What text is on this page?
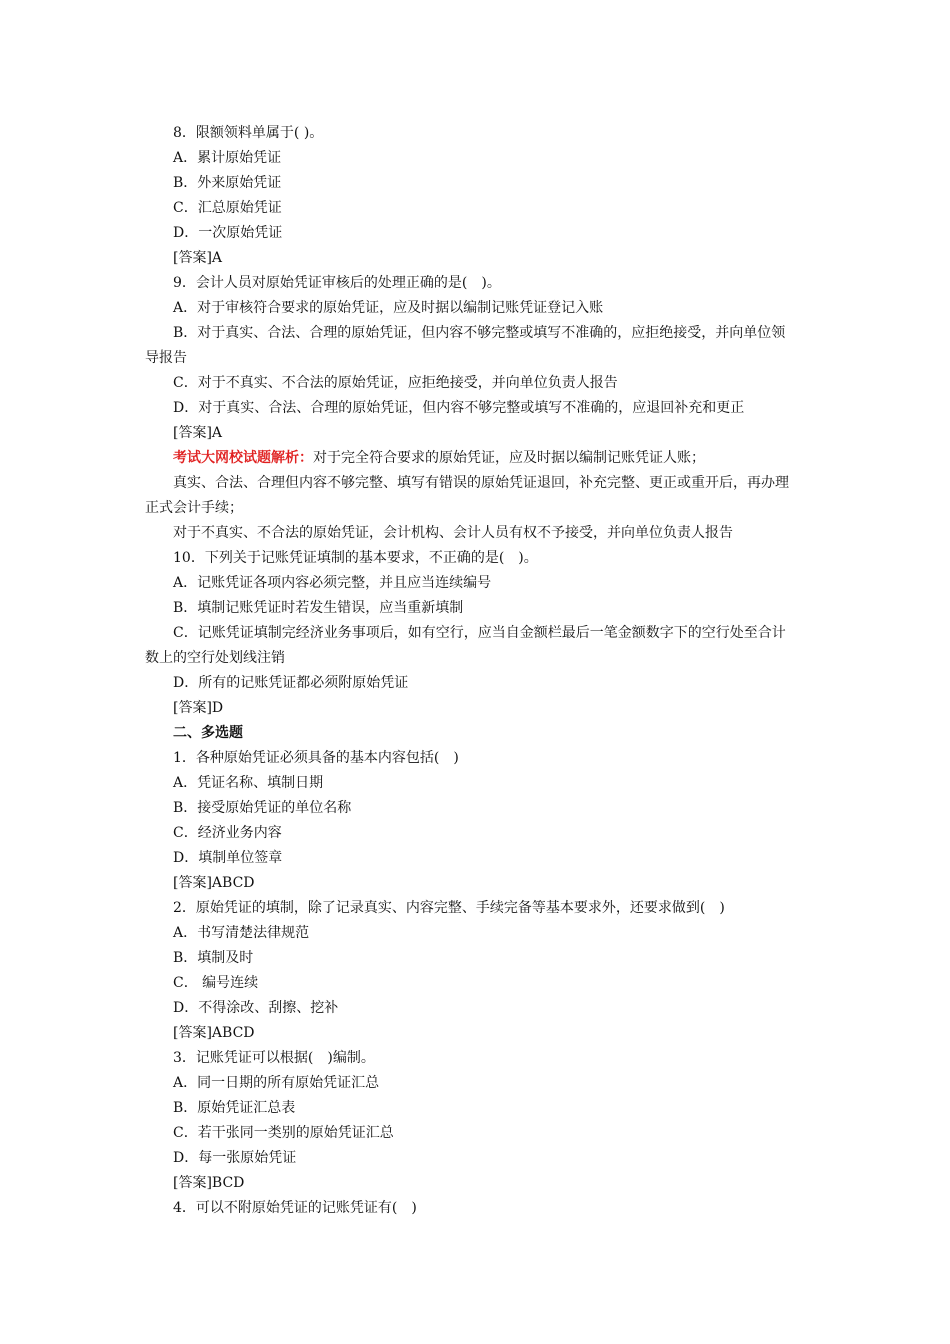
8．限额领料单属于( )。
A．累计原始凭证
B．外来原始凭证
C．汇总原始凭证
D．一次原始凭证
[答案]A
9．会计人员对原始凭证审核后的处理正确的是(　)。
A．对于审核符合要求的原始凭证，应及时据以编制记账凭证登记入账
B．对于真实、合法、合理的原始凭证，但内容不够完整或填写不准确的，应拒绝接受，并向单位领
导报告
C．对于不真实、不合法的原始凭证，应拒绝接受，并向单位负责人报告
D．对于真实、合法、合理的原始凭证，但内容不够完整或填写不准确的，应退回补充和更正
[答案]A
考试大网校试题解析：对于完全符合要求的原始凭证，应及时据以编制记账凭证人账；
真实、合法、合理但内容不够完整、填写有错误的原始凭证退回，补充完整、更正或重开后，再办理
正式会计手续；
对于不真实、不合法的原始凭证，会计机构、会计人员有权不予接受，并向单位负责人报告
10．下列关于记账凭证填制的基本要求，不正确的是(　)。
A．记账凭证各项内容必须完整，并且应当连续编号
B．填制记账凭证时若发生错误，应当重新填制
C．记账凭证填制完经济业务事项后，如有空行，应当自金额栏最后一笔金额数字下的空行处至合计
数上的空行处划线注销
D．所有的记账凭证都必须附原始凭证
[答案]D
二、多选题
1．各种原始凭证必须具备的基本内容包括(　)
A．凭证名称、填制日期
B．接受原始凭证的单位名称
C．经济业务内容
D．填制单位签章
[答案]ABCD
2．原始凭证的填制，除了记录真实、内容完整、手续完备等基本要求外，还要求做到(　)
A．书写清楚法律规范
B．填制及时
C． 编号连续
D．不得涂改、刮擦、挖补
[答案]ABCD
3．记账凭证可以根据(　)编制。
A．同一日期的所有原始凭证汇总
B．原始凭证汇总表
C．若干张同一类别的原始凭证汇总
D．每一张原始凭证
[答案]BCD
4．可以不附原始凭证的记账凭证有(　)
